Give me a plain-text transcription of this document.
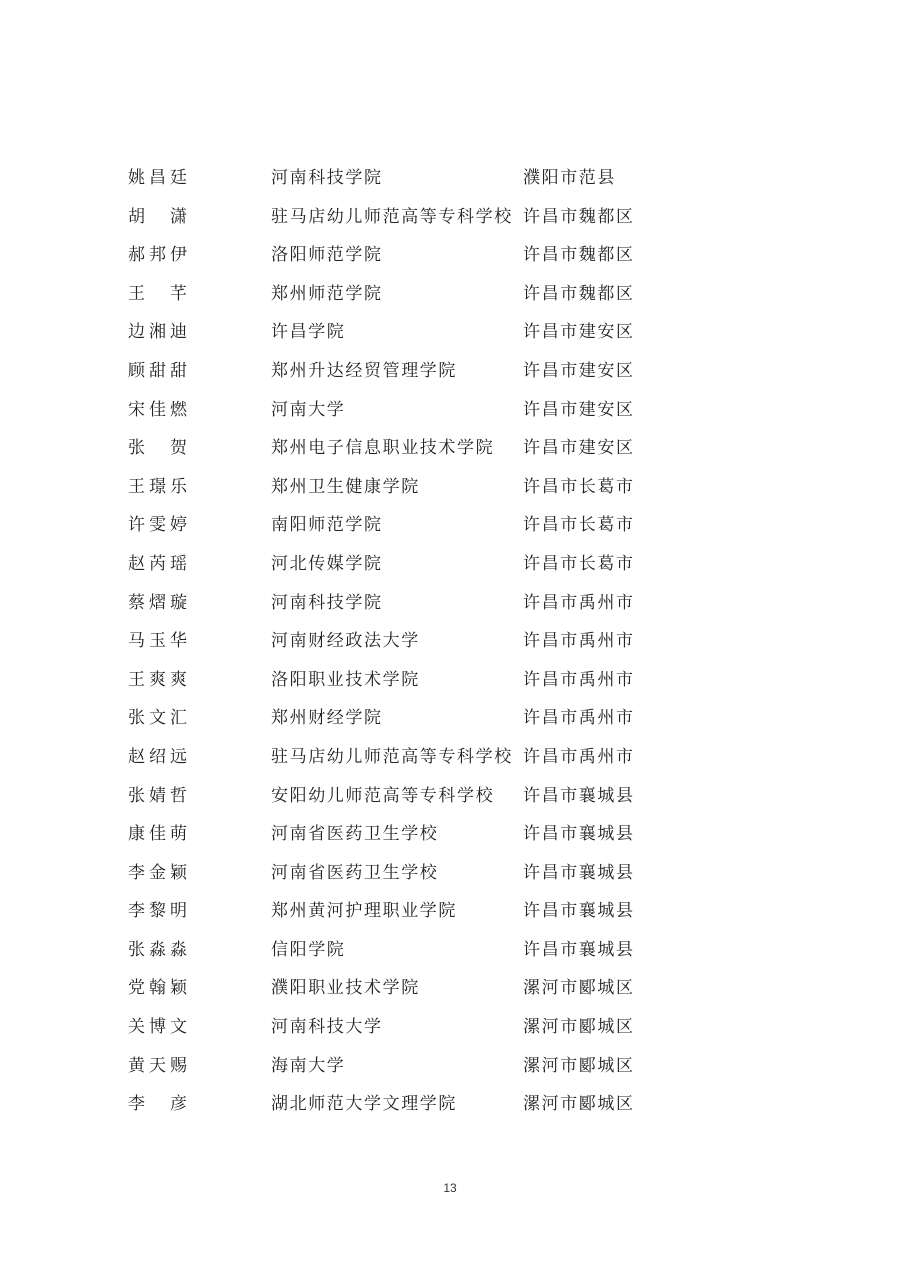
姚昌廷	河南科技学院	濮阳市范县
胡　潇	驻马店幼儿师范高等专科学校 许昌市魏都区
郝邦伊	洛阳师范学院	许昌市魏都区
王　芊	郑州师范学院	许昌市魏都区
边湘迪	许昌学院	许昌市建安区
顾甜甜	郑州升达经贸管理学院	许昌市建安区
宋佳燃	河南大学	许昌市建安区
张　贺	郑州电子信息职业技术学院 许昌市建安区
王璟乐	郑州卫生健康学院	许昌市长葛市
许雯婷	南阳师范学院	许昌市长葛市
赵芮瑶	河北传媒学院	许昌市长葛市
蔡熠璇	河南科技学院	许昌市禹州市
马玉华	河南财经政法大学	许昌市禹州市
王爽爽	洛阳职业技术学院	许昌市禹州市
张文汇	郑州财经学院	许昌市禹州市
赵绍远	驻马店幼儿师范高等专科学校 许昌市禹州市
张婧哲	安阳幼儿师范高等专科学校 许昌市襄城县
康佳萌	河南省医药卫生学校	许昌市襄城县
李金颖	河南省医药卫生学校	许昌市襄城县
李黎明	郑州黄河护理职业学院	许昌市襄城县
张淼淼	信阳学院	许昌市襄城县
党翰颖	濮阳职业技术学院	漯河市郾城区
关博文	河南科技大学	漯河市郾城区
黄天赐	海南大学	漯河市郾城区
李　彦	湖北师范大学文理学院	漯河市郾城区
13
